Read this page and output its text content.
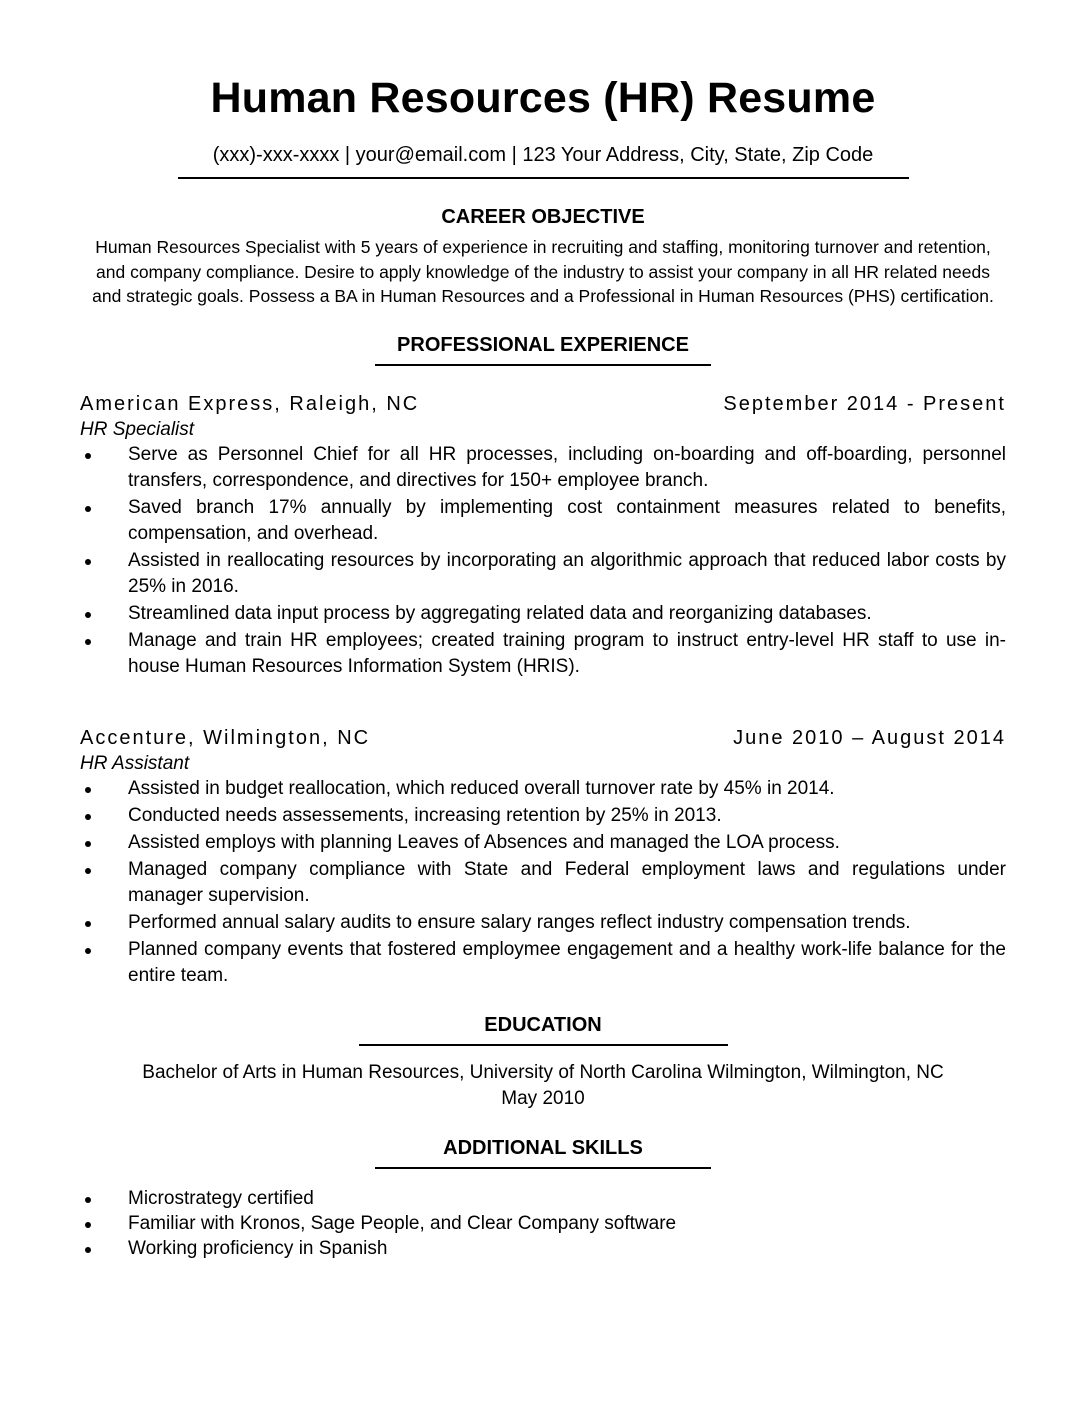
Human Resources (HR) Resume
(xxx)-xxx-xxxx | your@email.com | 123 Your Address, City, State, Zip Code
CAREER OBJECTIVE
Human Resources Specialist with 5 years of experience in recruiting and staffing, monitoring turnover and retention, and company compliance. Desire to apply knowledge of the industry to assist your company in all HR related needs and strategic goals. Possess a BA in Human Resources and a Professional in Human Resources (PHS) certification.
PROFESSIONAL EXPERIENCE
American Express, Raleigh, NC	September 2014 - Present
HR Specialist
Serve as Personnel Chief for all HR processes, including on-boarding and off-boarding, personnel transfers, correspondence, and directives for 150+ employee branch.
Saved branch 17% annually by implementing cost containment measures related to benefits, compensation, and overhead.
Assisted in reallocating resources by incorporating an algorithmic approach that reduced labor costs by 25% in 2016.
Streamlined data input process by aggregating related data and reorganizing databases.
Manage and train HR employees; created training program to instruct entry-level HR staff to use in-house Human Resources Information System (HRIS).
Accenture, Wilmington, NC	June 2010 – August 2014
HR Assistant
Assisted in budget reallocation, which reduced overall turnover rate by 45% in 2014.
Conducted needs assessements, increasing retention by 25% in 2013.
Assisted employs with planning Leaves of Absences and managed the LOA process.
Managed company compliance with State and Federal employment laws and regulations under manager supervision.
Performed annual salary audits to ensure salary ranges reflect industry compensation trends.
Planned company events that fostered employmee engagement and a healthy work-life balance for the entire team.
EDUCATION
Bachelor of Arts in Human Resources, University of North Carolina Wilmington, Wilmington, NC
May 2010
ADDITIONAL SKILLS
Microstrategy certified
Familiar with Kronos, Sage People, and Clear Company software
Working proficiency in Spanish
